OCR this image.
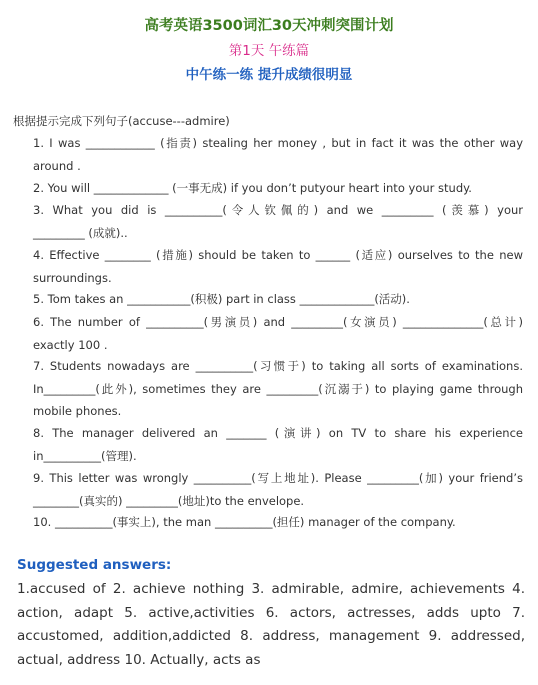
高考英语3500词汇30天冲刺突围计划
第1天 午练篇
中午练一练 提升成绩很明显
根据提示完成下列句子(accuse---admire)
1. I was ____________ (指责) stealing her money , but in fact it was the other way
around .
2. You will _____________ (一事无成) if you don’t putyour heart into your study.
3. What you did is __________(令人钦佩的) and we _________ (羡慕) your
_________ (成就)..
4. Effective ________ (措施) should be taken to ______ (适应) ourselves to the new
surroundings.
5. Tom takes an ___________(积极) part in class _____________(活动).
6. The number of __________(男演员) and _________(女演员) ______________(总计)
exactly 100 .
7. Students nowadays are __________(习惯于) to taking all sorts of examinations.
In_________(此外), sometimes they are _________(沉溺于) to playing game through
mobile phones.
8. The manager delivered an _______ (演讲) on TV to share his experience
in__________(管理).
9. This letter was wrongly __________(写上地址). Please _________(加) your friend’s
________(真实的) _________(地址)to the envelope.
10. __________(事实上), the man __________(担任) manager of the company.
Suggested answers:
1.accused of 2. achieve nothing 3. admirable, admire, achievements 4.
action, adapt 5. active,activities 6. actors, actresses, adds upto 7.
accustomed, addition,addicted 8. address, management 9. addressed,
actual, address 10. Actually, acts as
